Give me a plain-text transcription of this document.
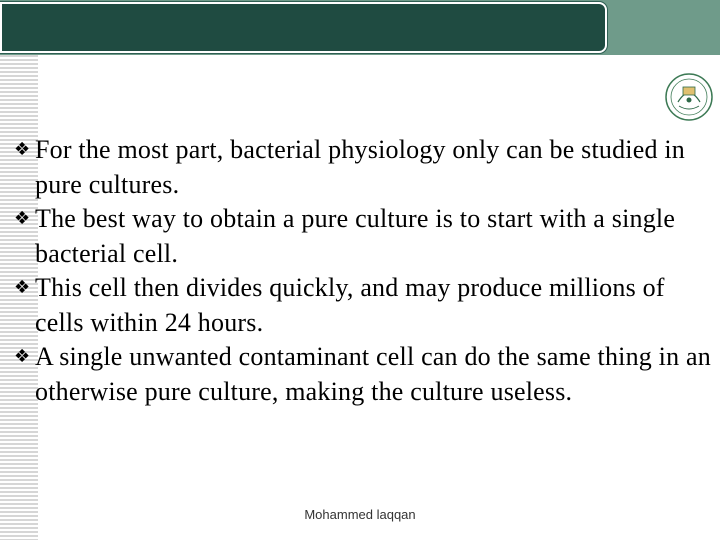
❖ For the most part, bacterial physiology only can be studied in pure cultures.

❖ The best way to obtain a pure culture is to start with a single bacterial cell.

❖ This cell then divides quickly, and may produce millions of cells within 24 hours.

❖ A single unwanted contaminant cell can do the same thing in an otherwise pure culture, making the culture useless.

Mohammed laqqan
